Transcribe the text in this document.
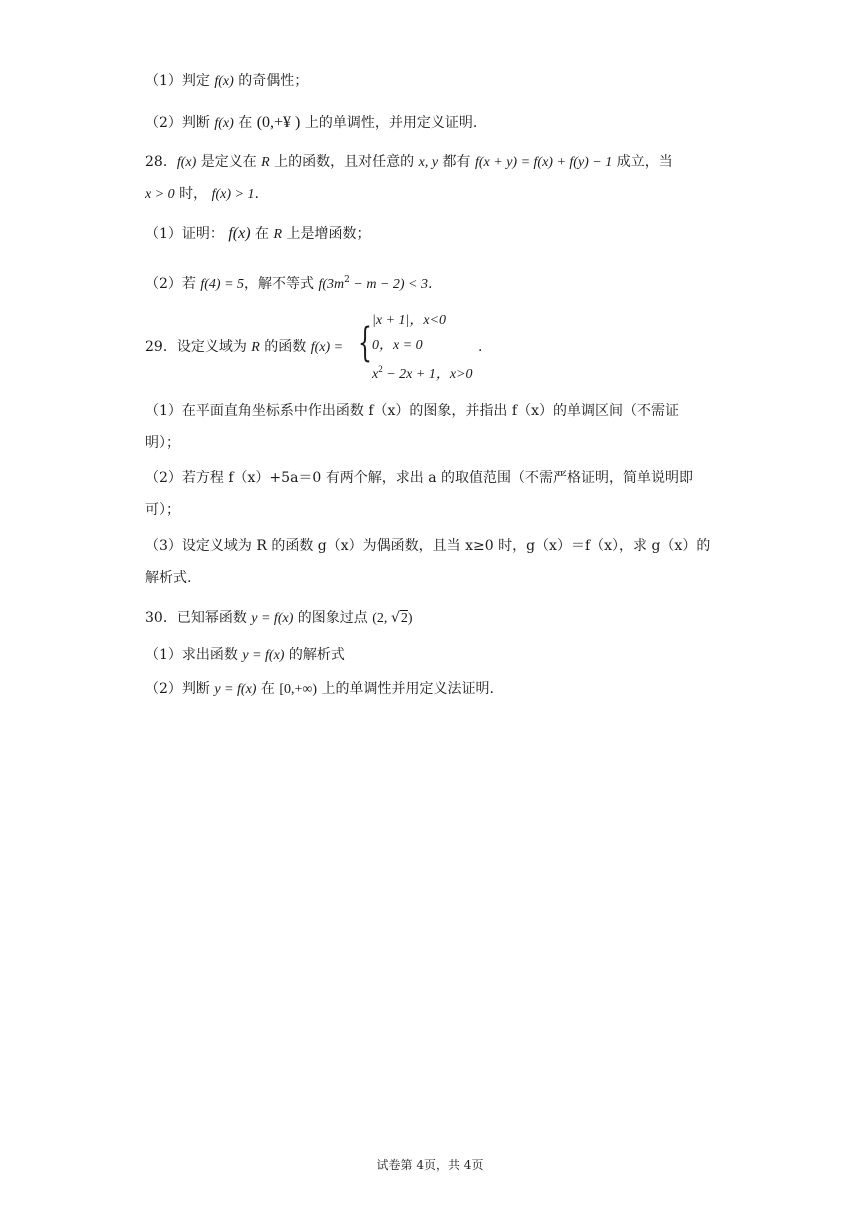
（1）判定 f(x) 的奇偶性；
（2）判断 f(x) 在 (0,+¥ ) 上的单调性，并用定义证明.
28．f(x) 是定义在 R 上的函数，且对任意的 x, y 都有 f(x + y) = f(x) + f(y) − 1 成立，当
x > 0 时， f(x) > 1.
（1）证明： f(x) 在 R 上是增函数；
（2）若 f(4) = 5，解不等式 $f(3m^2 - m - 2) < 3$.
29．设定义域为 R 的函数 f(x) = { |x + 1|，x<0
0，x = 0
$x^2 - 2x + 1$，x>0
.
（1）在平面直角坐标系中作出函数 f（x）的图象，并指出 f（x）的单调区间（不需证
明）；
（2）若方程 f（x）+5a＝0 有两个解，求出 a 的取值范围（不需严格证明，简单说明即
可）；
（3）设定义域为 R 的函数 g（x）为偶函数，且当 x≥0 时，g（x）＝f（x），求 g（x）的
解析式.
30．已知幂函数 y = f(x) 的图象过点 (2, √2)
（1）求出函数 y = f(x) 的解析式
（2）判断 y = f(x) 在 [0,+∞) 上的单调性并用定义法证明.
试卷第 4页，共 4页
